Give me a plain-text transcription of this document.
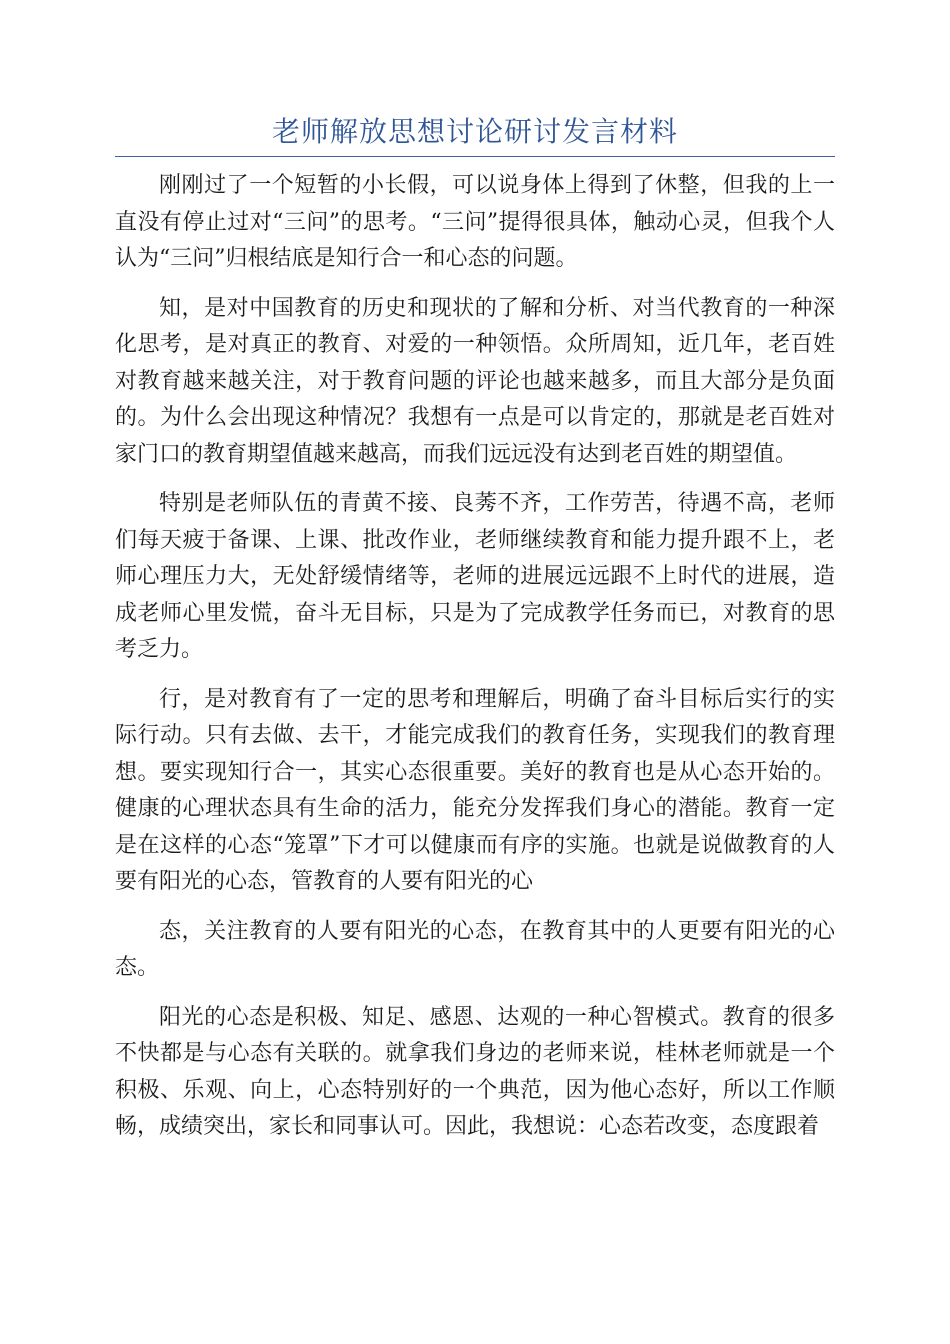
老师解放思想讨论研讨发言材料

刚刚过了一个短暂的小长假，可以说身体上得到了休整，但我的上一直没有停止过对“三问”的思考。“三问”提得很具体，触动心灵，但我个人认为“三问”归根结底是知行合一和心态的问题。

知，是对中国教育的历史和现状的了解和分析、对当代教育的一种深化思考，是对真正的教育、对爱的一种领悟。众所周知，近几年，老百姓对教育越来越关注，对于教育问题的评论也越来越多，而且大部分是负面的。为什么会出现这种情况？我想有一点是可以肯定的，那就是老百姓对家门口的教育期望值越来越高，而我们远远没有达到老百姓的期望值。

特别是老师队伍的青黄不接、良莠不齐，工作劳苦，待遇不高，老师们每天疲于备课、上课、批改作业，老师继续教育和能力提升跟不上，老师心理压力大，无处舒缓情绪等，老师的进展远远跟不上时代的进展，造成老师心里发慌，奋斗无目标，只是为了完成教学任务而已，对教育的思考乏力。

行，是对教育有了一定的思考和理解后，明确了奋斗目标后实行的实际行动。只有去做、去干，才能完成我们的教育任务，实现我们的教育理想。要实现知行合一，其实心态很重要。美好的教育也是从心态开始的。健康的心理状态具有生命的活力，能充分发挥我们身心的潜能。教育一定是在这样的心态“笼罩”下才可以健康而有序的实施。也就是说做教育的人要有阳光的心态，管教育的人要有阳光的心

态，关注教育的人要有阳光的心态，在教育其中的人更要有阳光的心态。

阳光的心态是积极、知足、感恩、达观的一种心智模式。教育的很多不快都是与心态有关联的。就拿我们身边的老师来说，桂林老师就是一个积极、乐观、向上，心态特别好的一个典范，因为他心态好，所以工作顺畅，成绩突出，家长和同事认可。因此，我想说：心态若改变，态度跟着
